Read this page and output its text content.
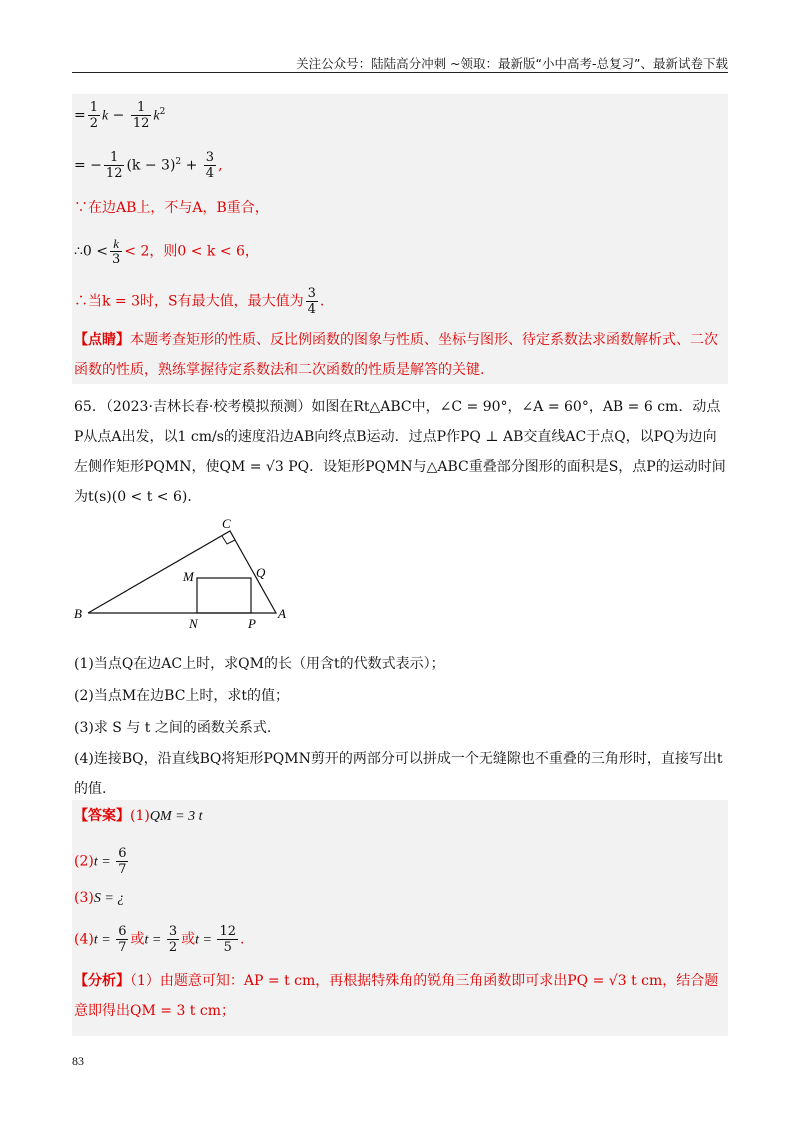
关注公众号：陆陆高分冲刺 ~领取：最新版“小中高考-总复习”、最新试卷下载
= $\frac{1}{2}$ $k - \frac{1}{12} k^2$
= − $\frac{1}{12} (k - 3)^2 + \frac{3}{4}$ ,
∵在边AB上，不与A，B重合，
∴0 < $\frac{k}{3} < 2$，则0 < k < 6，
∴当k = 3时，S有最大值，最大值为 $\frac{3}{4}$ .
【点睛】本题考查矩形的性质、反比例函数的图象与性质、坐标与图形、待定系数法求函数解析式、二次函数的性质，熟练掌握待定系数法和二次函数的性质是解答的关键.
65．（2023·吉林长春·校考模拟预测）如图在Rt△ABC中，∠C = 90°，∠A = 60°，AB = 6 cm．动点P从点A出发，以1 cm/s的速度沿边AB向终点B运动．过点P作PQ ⊥ AB交直线AC于点Q，以PQ为边向左侧作矩形PQMN，使QM = √3 PQ．设矩形PQMN与△ABC重叠部分图形的面积是S，点P的运动时间为t(s)(0 < t < 6)．
C
M	Q
B
N	P
A
(1)当点Q在边AC上时，求QM的长（用含t的代数式表示）；
(2)当点M在边BC上时，求t的值；
(3)求 S 与 t 之间的函数关系式.
(4)连接BQ，沿直线BQ将矩形PQMN剪开的两部分可以拼成一个无缝隙也不重叠的三角形时，直接写出t的值.
【答案】(1)QM = 3 t
$(2)t = \frac{6}{7}$
(3)S = ¿
$(4)t = \frac{6}{7}$ 或$t = \frac{3}{2}$ 或$t = \frac{12}{5}$ .
【分析】（1）由题意可知：AP = t cm，再根据特殊角的锐角三角函数即可求出PQ = √3 t cm，结合题意即得出QM = 3 t cm；
83
